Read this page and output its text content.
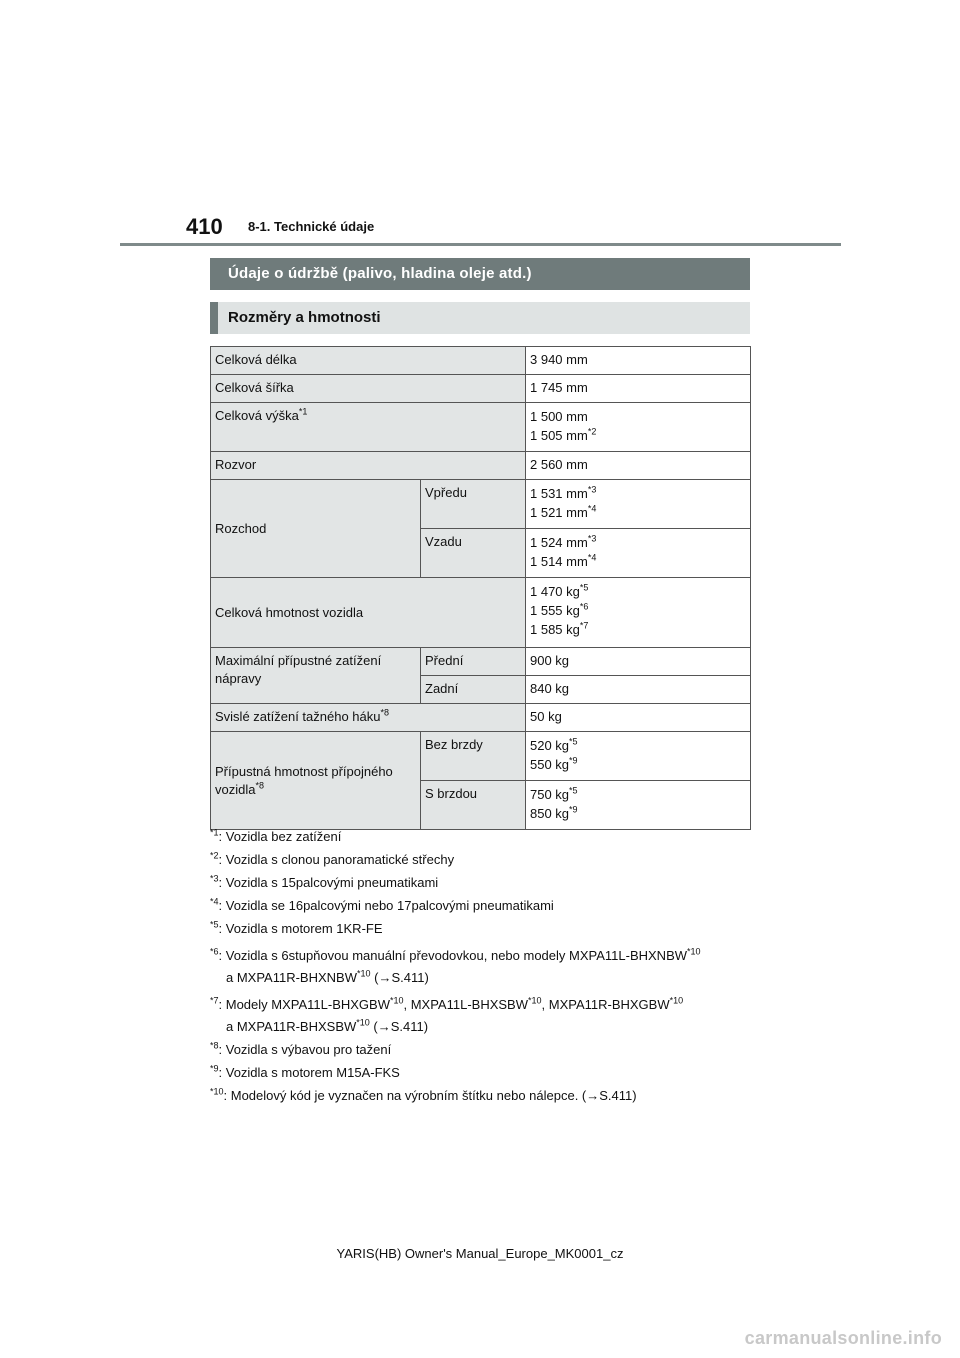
410 8-1. Technické údaje
Údaje o údržbě (palivo, hladina oleje atd.)
Rozměry a hmotnosti
Celková délka		3 940 mm
Celková šířka		1 745 mm
Celková výška$^{*1}$		1 500 mm
1 505 $mm^{*2}$

Rozvor		2 560 mm
Rozchod	Vpředu	1 531 $mm^{*3}$
1 521 $mm^{*4}$

	Vzadu	1 524 $mm^{*3}$
1 514 $mm^{*4}$

Celková hmotnost vozidla		1 470 $kg^{*5}$
1 555 $kg^{*6}$
1 585 $kg^{*7}$

Maximální přípustné zatížení nápravy	Přední	900 kg
	Zadní	840 kg
Svislé zatížení tažného háku$^{*8}$		50 kg
Přípustná hmotnost přípojného vozidla$^{*8}$	Bez brzdy	520 $kg^{*5}$
550 $kg^{*9}$

	S brzdou	750 $kg^{*5}$
850 $kg^{*9}$
$^{*1}$: Vozidla bez zatížení
$^{*2}$: Vozidla s clonou panoramatické střechy
$^{*3}$: Vozidla s 15palcovými pneumatikami
$^{*4}$: Vozidla se 16palcovými nebo 17palcovými pneumatikami
$^{*5}$: Vozidla s motorem 1KR-FE
$^{*6}$: Vozidla s 6stupňovou manuální převodovkou, nebo modely MXPA11L-BHXNBW$^{*10}$
a MXPA11R-BHXNBW$^{*10}$ (→S.411)
$^{*7}$: Modely MXPA11L-BHXGBW$^{*10}$, MXPA11L-BHXSBW$^{*10}$, MXPA11R-BHXGBW$^{*10}$
a MXPA11R-BHXSBW$^{*10}$ (→S.411)
$^{*8}$: Vozidla s výbavou pro tažení
$^{*9}$: Vozidla s motorem M15A-FKS
$^{*10}$: Modelový kód je vyznačen na výrobním štítku nebo nálepce. (→S.411)
YARIS(HB) Owner's Manual_Europe_MK0001_cz
carmanualsonline.info
